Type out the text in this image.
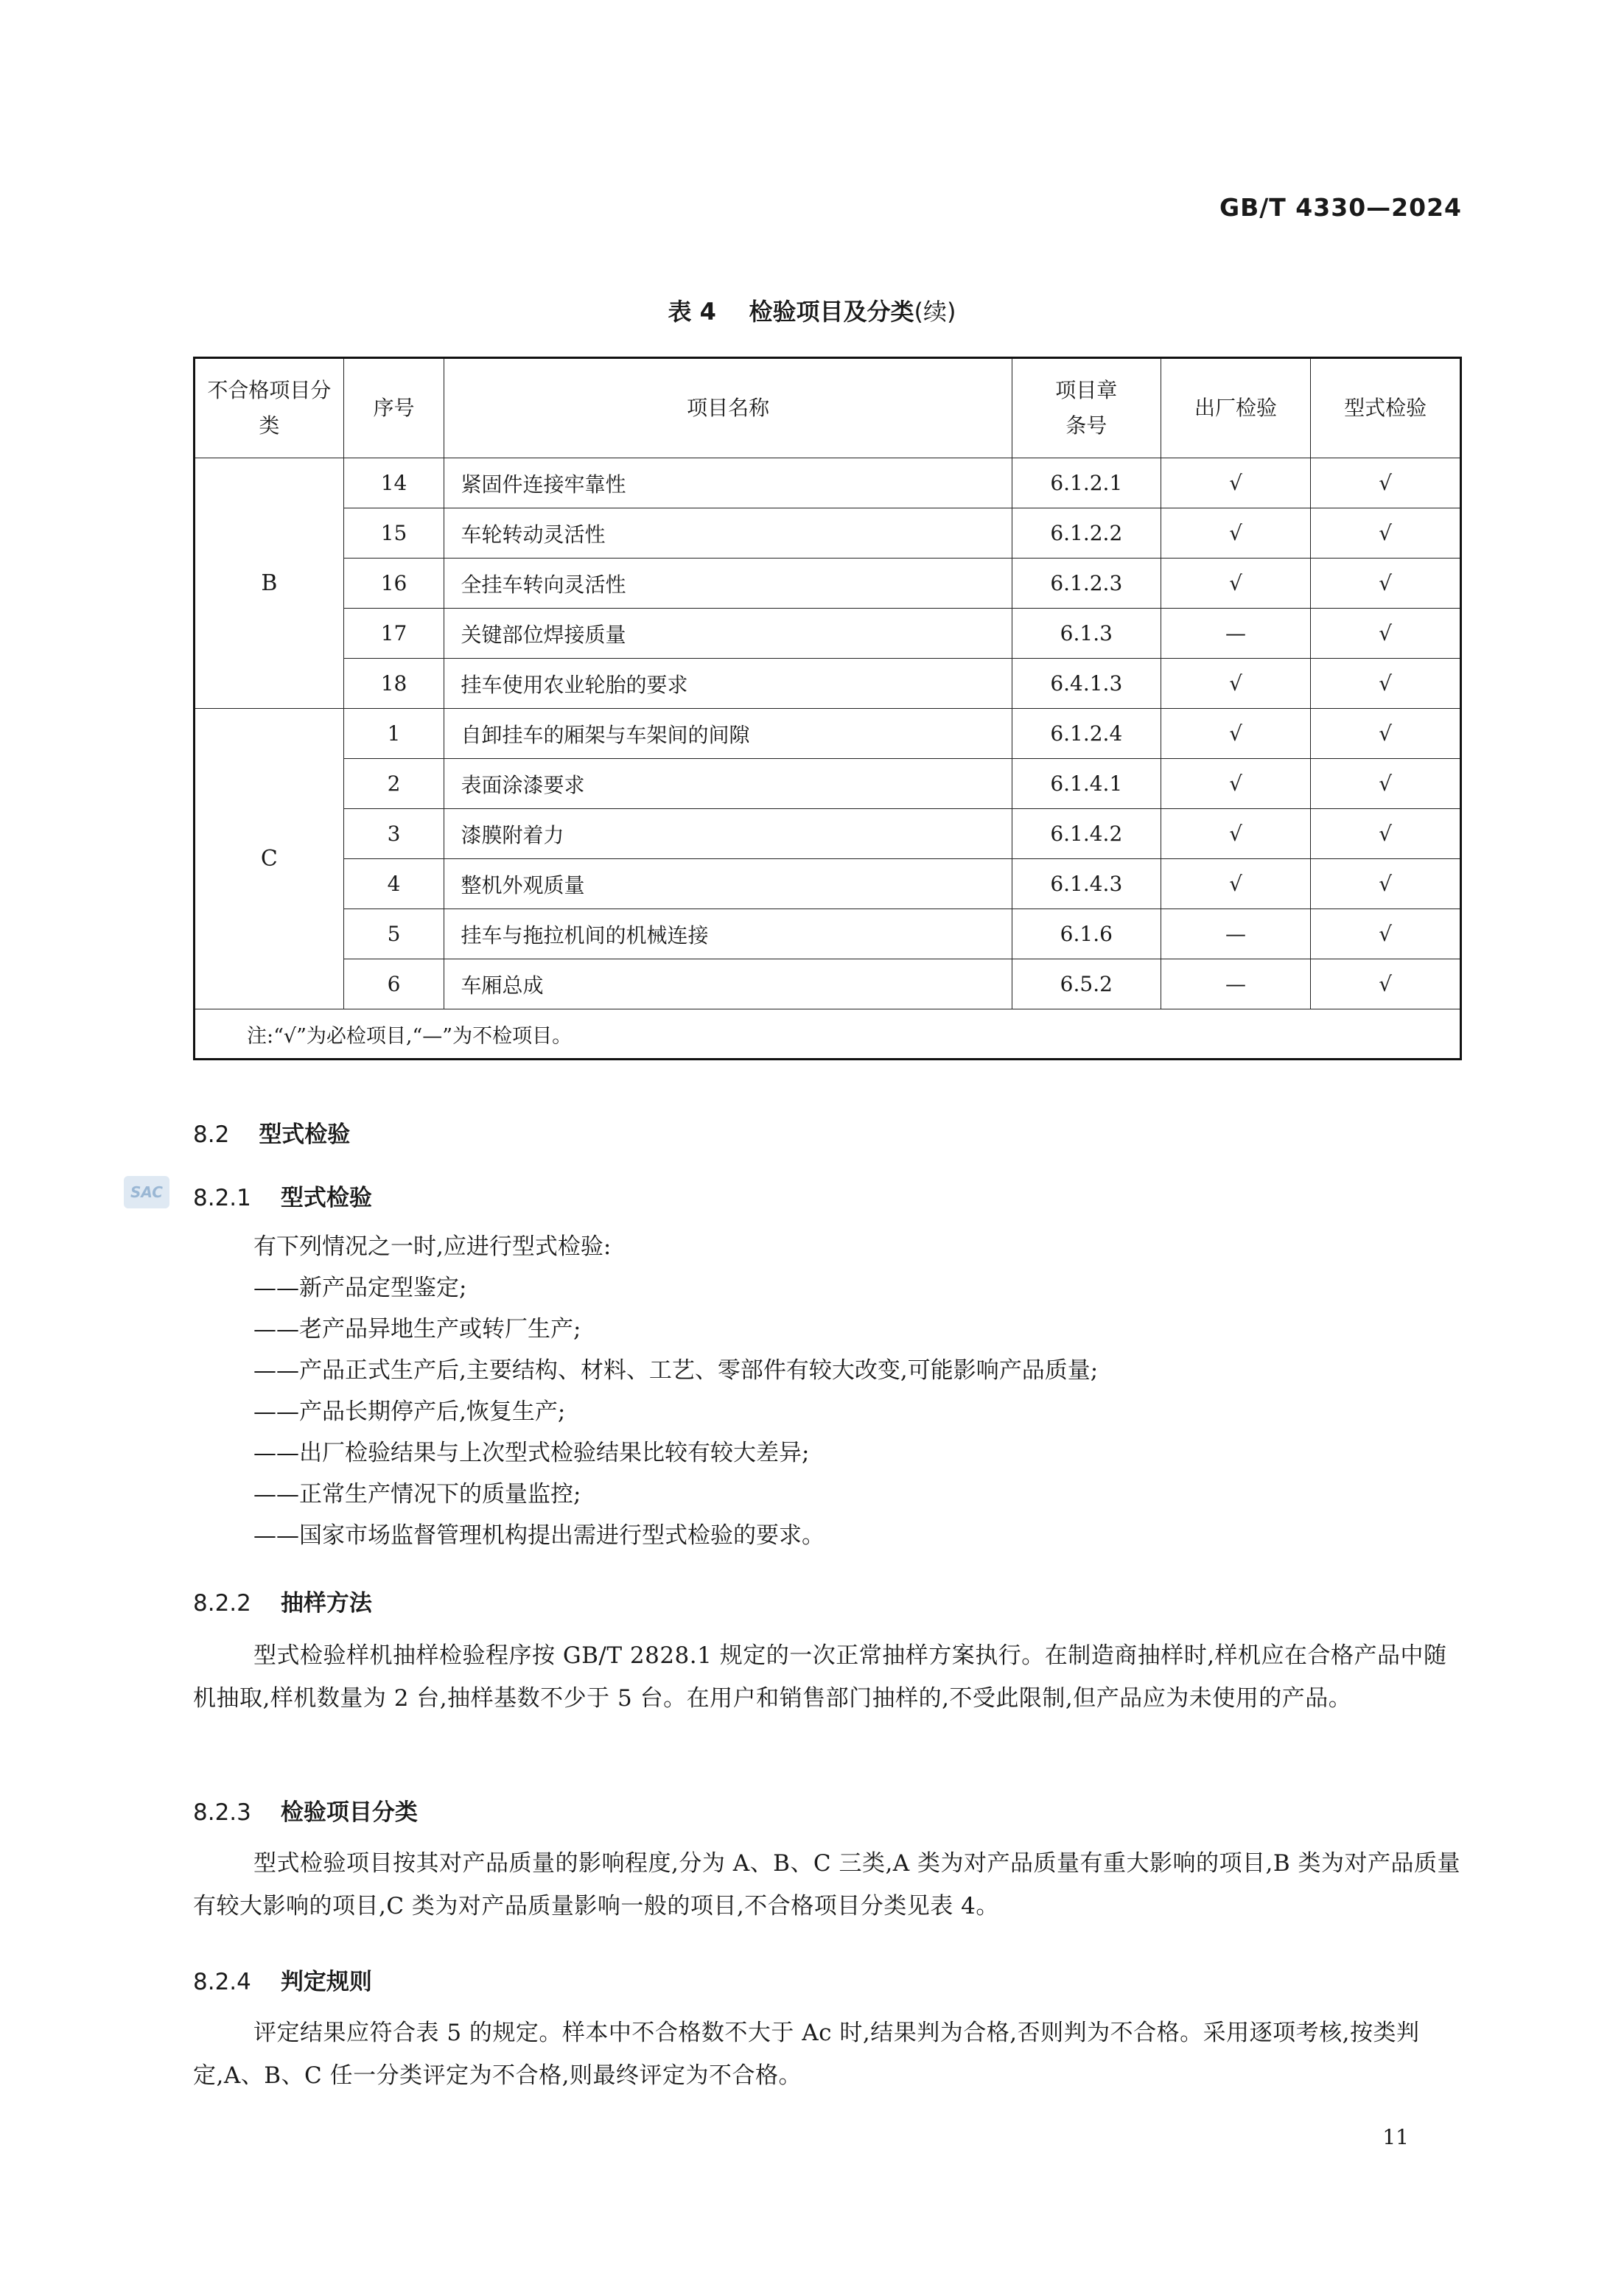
GB/T 4330—2024
表 4 检验项目及分类(续)
不合格项目分类	序号	项目名称	项目章条号	出厂检验	型式检验
B	14	紧固件连接牢靠性	6.1.2.1	√	√
	15	车轮转动灵活性	6.1.2.2	√	√
	16	全挂车转向灵活性	6.1.2.3	√	√
	17	关键部位焊接质量	6.1.3	—	√
	18	挂车使用农业轮胎的要求	6.4.1.3	√	√
C	1	自卸挂车的厢架与车架间的间隙	6.1.2.4	√	√
	2	表面涂漆要求	6.1.4.1	√	√
	3	漆膜附着力	6.1.4.2	√	√
	4	整机外观质量	6.1.4.3	√	√
	5	挂车与拖拉机间的机械连接	6.1.6	—	√
	6	车厢总成	6.5.2	—	√
注:“√”为必检项目,“—”为不检项目。					
8.2 型式检验
SAC 8.2.1 型式检验
有下列情况之一时,应进行型式检验:
——新产品定型鉴定;
——老产品异地生产或转厂生产;
——产品正式生产后,主要结构、材料、工艺、零部件有较大改变,可能影响产品质量;
——产品长期停产后,恢复生产;
——出厂检验结果与上次型式检验结果比较有较大差异;
——正常生产情况下的质量监控;
——国家市场监督管理机构提出需进行型式检验的要求。
8.2.2 抽样方法
型式检验样机抽样检验程序按 GB/T 2828.1 规定的一次正常抽样方案执行。在制造商抽样时,样机应在合格产品中随机抽取,样机数量为 2 台,抽样基数不少于 5 台。在用户和销售部门抽样的,不受此限制,但产品应为未使用的产品。
8.2.3 检验项目分类
型式检验项目按其对产品质量的影响程度,分为 A、B、C 三类,A 类为对产品质量有重大影响的项目,B 类为对产品质量有较大影响的项目,C 类为对产品质量影响一般的项目,不合格项目分类见表 4。
8.2.4 判定规则
评定结果应符合表 5 的规定。样本中不合格数不大于 Ac 时,结果判为合格,否则判为不合格。采用逐项考核,按类判定,A、B、C 任一分类评定为不合格,则最终评定为不合格。
11
